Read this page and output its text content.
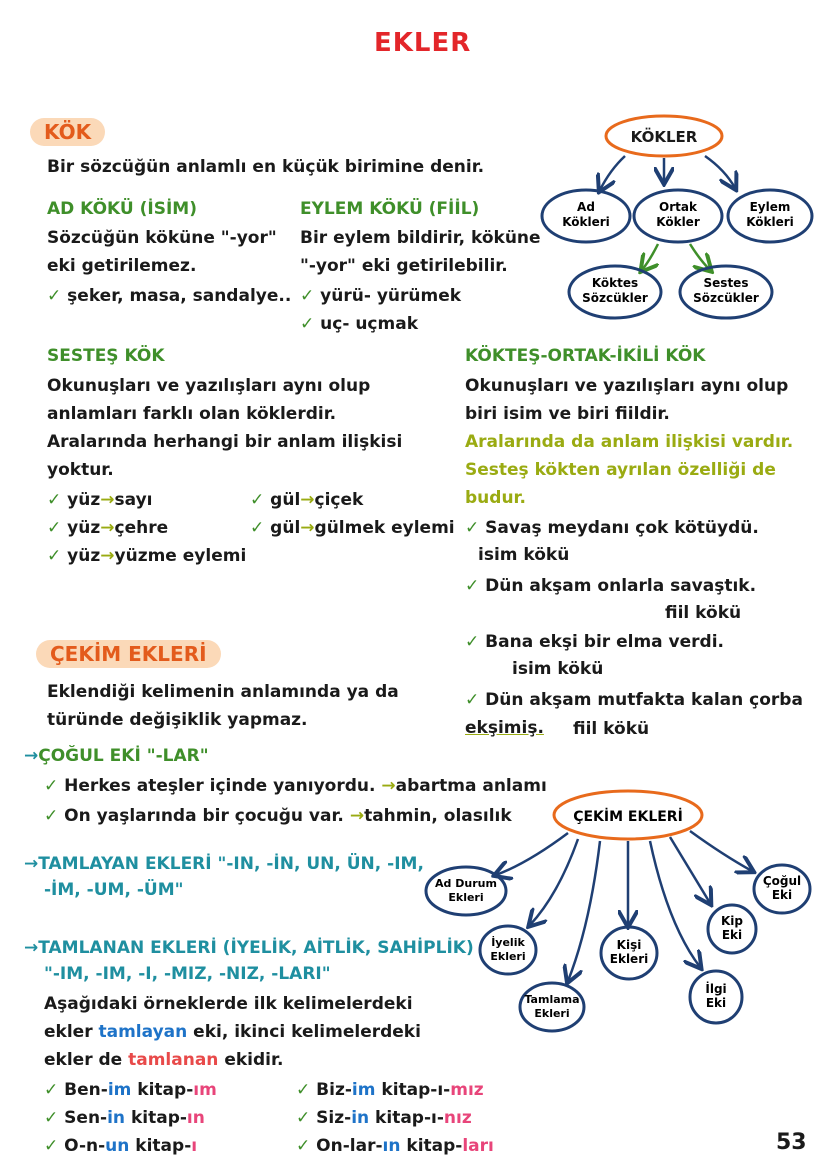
EKLER
KÖK
Bir sözcüğün anlamlı en küçük birimine denir.
AD KÖKÜ (İSİM)
Sözcüğün köküne "-yor"
eki getirilemez.
✓ şeker, masa, sandalye..
EYLEM KÖKÜ (FİİL)
Bir eylem bildirir, köküne
"-yor" eki getirilebilir.
✓ yürü- yürümek
✓ uç- uçmak
KÖKLER
Ad
Kökleri
Ortak
Kökler
Eylem
Kökleri
Köktes
Sözcükler
Sestes
Sözcükler
SESTEŞ KÖK
Okunuşları ve yazılışları aynı olup
anlamları farklı olan köklerdir.
Aralarında herhangi bir anlam ilişkisi
yoktur.
✓ yüz→sayı
✓ yüz→çehre
✓ yüz→yüzme eylemi
✓ gül→çiçek
✓ gül→gülmek eylemi
KÖKTEŞ-ORTAK-İKİLİ KÖK
Okunuşları ve yazılışları aynı olup
biri isim ve biri fiildir.
Aralarında da anlam ilişkisi vardır.
Sesteş kökten ayrılan özelliği de
budur.
✓ Savaş meydanı çok kötüydü.
isim kökü
✓ Dün akşam onlarla savaştık.
fiil kökü
✓ Bana ekşi bir elma verdi.
isim kökü
✓ Dün akşam mutfakta kalan çorba
ekşimiş. fiil kökü
ÇEKİM EKLERİ
Eklendiği kelimenin anlamında ya da
türünde değişiklik yapmaz.
→ÇOĞUL EKİ "-LAR"
✓ Herkes ateşler içinde yanıyordu. →abartma anlamı
✓ On yaşlarında bir çocuğu var. →tahmin, olasılık
→TAMLAYAN EKLERİ "-IN, -İN, UN, ÜN, -IM,
-İM, -UM, -ÜM"
→TAMLANAN EKLERİ (İYELİK, AİTLİK, SAHİPLİK)
"-IM, -IM, -I, -MIZ, -NIZ, -LARI"
Aşağıdaki örneklerde ilk kelimelerdeki
ekler tamlayan eki, ikinci kelimelerdeki
ekler de tamlanan ekidir.
✓ Ben-im kitap-ım
✓ Sen-in kitap-ın
✓ O-n-un kitap-ı
✓ Biz-im kitap-ı-mız
✓ Siz-in kitap-ı-nız
✓ On-lar-ın kitap-ları
ÇEKİM EKLERİ
Ad Durum
Ekleri
İyelik
Ekleri
Tamlama
Ekleri
Kişi
Ekleri
İlgi
Eki
Kip
Eki
Çoğul
Eki
53
